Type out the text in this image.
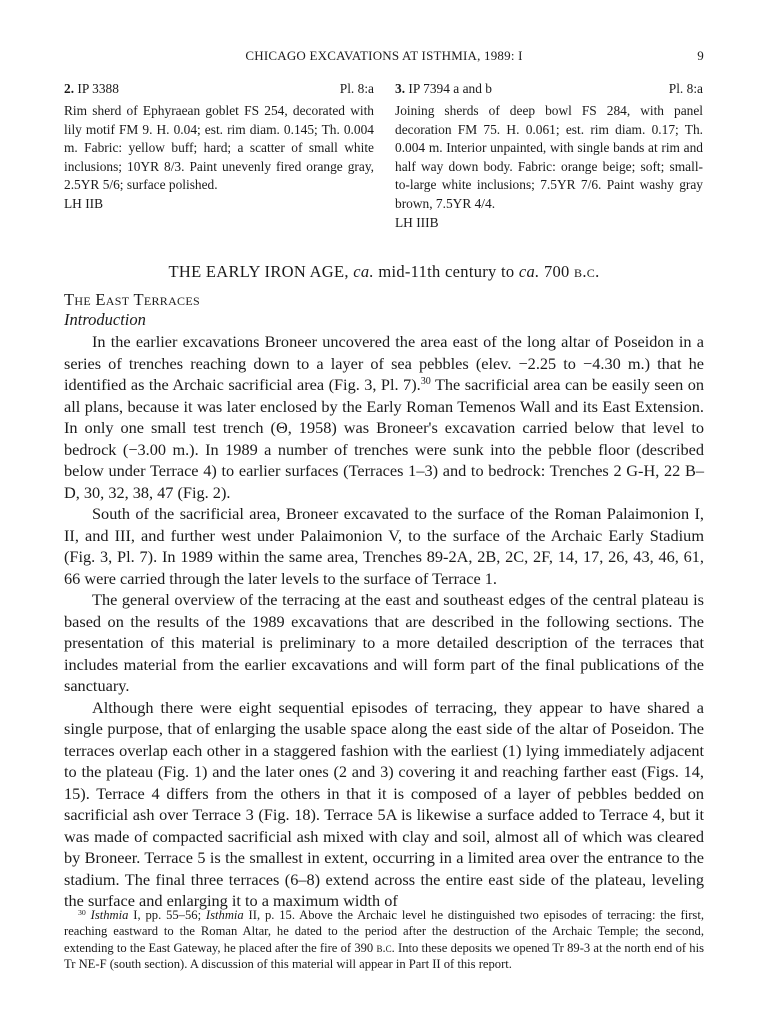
CHICAGO EXCAVATIONS AT ISTHMIA, 1989: I	9
2. IP 3388	Pl. 8:a
Rim sherd of Ephyraean goblet FS 254, decorated with lily motif FM 9. H. 0.04; est. rim diam. 0.145; Th. 0.004 m. Fabric: yellow buff; hard; a scatter of small white inclusions; 10YR 8/3. Paint unevenly fired orange gray, 2.5YR 5/6; surface polished.
LH IIB
3. IP 7394 a and b	Pl. 8:a
Joining sherds of deep bowl FS 284, with panel decoration FM 75. H. 0.061; est. rim diam. 0.17; Th. 0.004 m. Interior unpainted, with single bands at rim and half way down body. Fabric: orange beige; soft; small-to-large white inclusions; 7.5YR 7/6. Paint washy gray brown, 7.5YR 4/4.
LH IIIB
THE EARLY IRON AGE, ca. mid-11th century to ca. 700 b.c.
The East Terraces
Introduction

In the earlier excavations Broneer uncovered the area east of the long altar of Poseidon in a series of trenches reaching down to a layer of sea pebbles (elev. −2.25 to −4.30 m.) that he identified as the Archaic sacrificial area (Fig. 3, Pl. 7).$^{30}$ The sacrificial area can be easily seen on all plans, because it was later enclosed by the Early Roman Temenos Wall and its East Extension. In only one small test trench (Θ, 1958) was Broneer's excavation carried below that level to bedrock (−3.00 m.). In 1989 a number of trenches were sunk into the pebble floor (described below under Terrace 4) to earlier surfaces (Terraces 1–3) and to bedrock: Trenches 2 G-H, 22 B–D, 30, 32, 38, 47 (Fig. 2).

South of the sacrificial area, Broneer excavated to the surface of the Roman Palaimonion I, II, and III, and further west under Palaimonion V, to the surface of the Archaic Early Stadium (Fig. 3, Pl. 7). In 1989 within the same area, Trenches 89-2A, 2B, 2C, 2F, 14, 17, 26, 43, 46, 61, 66 were carried through the later levels to the surface of Terrace 1.

The general overview of the terracing at the east and southeast edges of the central plateau is based on the results of the 1989 excavations that are described in the following sections. The presentation of this material is preliminary to a more detailed description of the terraces that includes material from the earlier excavations and will form part of the final publications of the sanctuary.

Although there were eight sequential episodes of terracing, they appear to have shared a single purpose, that of enlarging the usable space along the east side of the altar of Poseidon. The terraces overlap each other in a staggered fashion with the earliest (1) lying immediately adjacent to the plateau (Fig. 1) and the later ones (2 and 3) covering it and reaching farther east (Figs. 14, 15). Terrace 4 differs from the others in that it is composed of a layer of pebbles bedded on sacrificial ash over Terrace 3 (Fig. 18). Terrace 5A is likewise a surface added to Terrace 4, but it was made of compacted sacrificial ash mixed with clay and soil, almost all of which was cleared by Broneer. Terrace 5 is the smallest in extent, occurring in a limited area over the entrance to the stadium. The final three terraces (6–8) extend across the entire east side of the plateau, leveling the surface and enlarging it to a maximum width of

$^{30}$ Isthmia I, pp. 55–56; Isthmia II, p. 15. Above the Archaic level he distinguished two episodes of terracing: the first, reaching eastward to the Roman Altar, he dated to the period after the destruction of the Archaic Temple; the second, extending to the East Gateway, he placed after the fire of 390 b.c. Into these deposits we opened Tr 89-3 at the north end of his Tr NE-F (south section). A discussion of this material will appear in Part II of this report.
